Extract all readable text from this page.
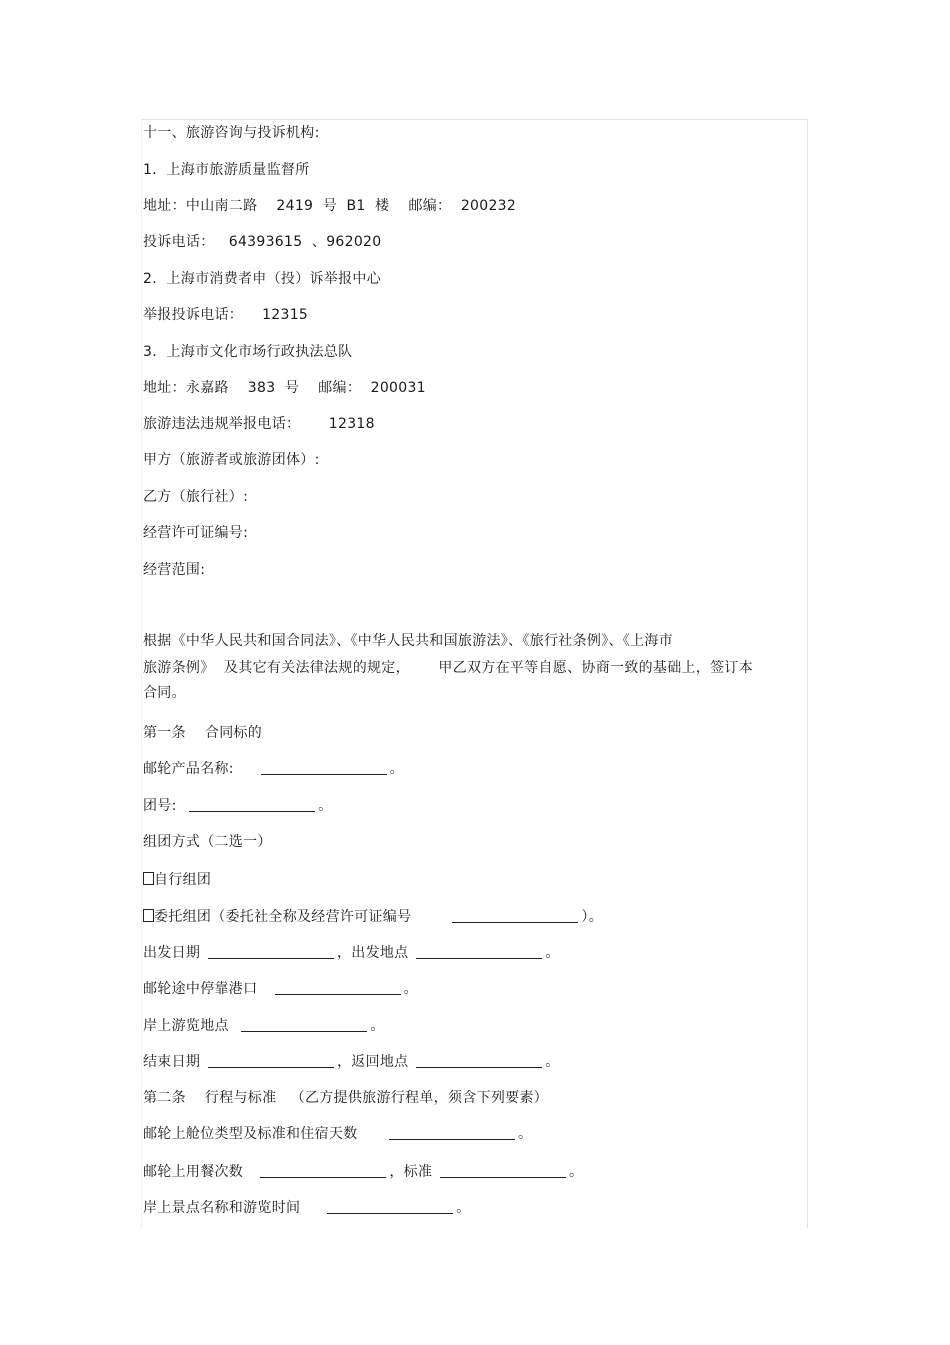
十一、旅游咨询与投诉机构:
1．上海市旅游质量监督所
地址：中山南二路    2419  号  B1  楼    邮编：  200232
投诉电话：   64393615  、962020
2．上海市消费者申（投）诉举报中心
举报投诉电话：    12315
3．上海市文化市场行政执法总队
地址：永嘉路    383  号    邮编：  200031
旅游违法违规举报电话：      12318
甲方（旅游者或旅游团体）:
乙方（旅行社）:
经营许可证编号:
经营范围:
根据《中华人民共和国合同法》、《中华人民共和国旅游法》、《旅行社条例》、《上海市
旅游条例》  及其它有关法律法规的规定，      甲乙双方在平等自愿、协商一致的基础上，签订本
合同。
第一条    合同标的
邮轮产品名称:	。
团号:	。
组团方式（二选一）
自行组团
委托组团（委托社全称及经营许可证编号	）。
出发日期	，出发地点	。
邮轮途中停靠港口	。
岸上游览地点	。
结束日期	，返回地点	。
第二条    行程与标准   （乙方提供旅游行程单，须含下列要素）
邮轮上舱位类型及标准和住宿天数	。
邮轮上用餐次数	，标准	。
岸上景点名称和游览时间	。
